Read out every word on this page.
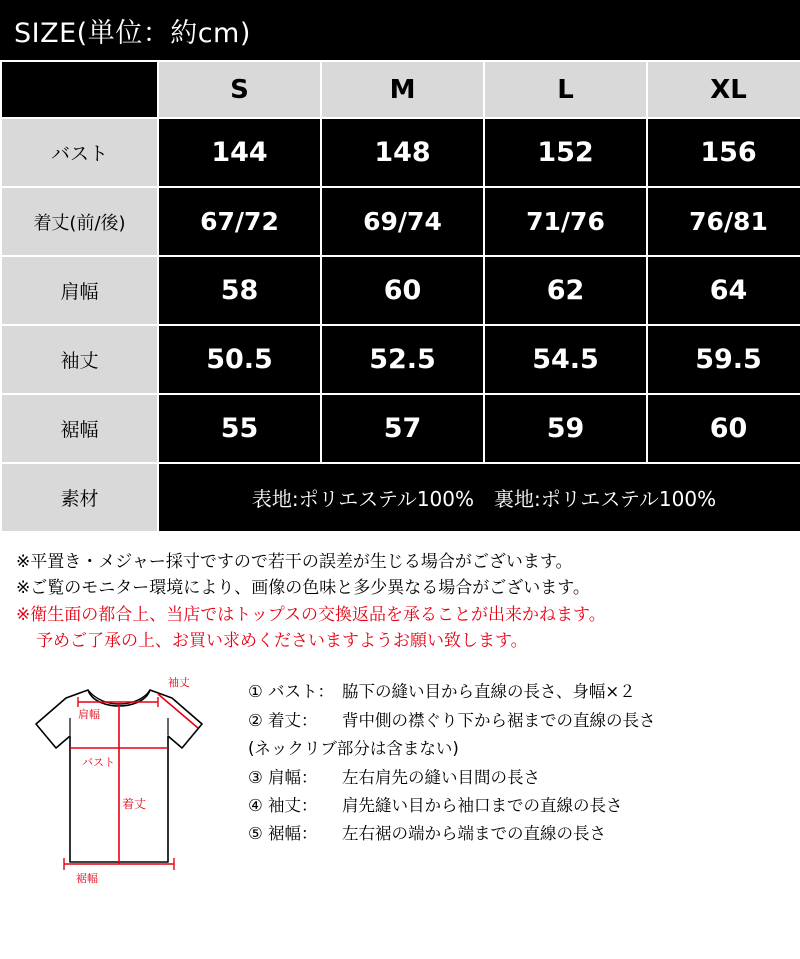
SIZE(単位：約cm)
	S	M	L	XL
バスト	144	148	152	156
着丈(前/後)	67/72	69/74	71/76	76/81
肩幅	58	60	62	64
袖丈	50.5	52.5	54.5	59.5
裾幅	55	57	59	60
素材	表地:ポリエステル100%　裏地:ポリエステル100%			
※平置き・メジャー採寸ですので若干の誤差が生じる場合がございます。
※ご覧のモニター環境により、画像の色味と多少異なる場合がございます。
※衛生面の都合上、当店ではトップスの交換返品を承ることが出来かねます。
予めご了承の上、お買い求めくださいますようお願い致します。
袖丈
肩幅
バスト
着丈
裾幅
① バスト： 脇下の縫い目から直線の長さ、身幅×２
② 着丈： 背中側の襟ぐり下から裾までの直線の長さ
(ネックリブ部分は含まない)
③ 肩幅： 左右肩先の縫い目間の長さ
④ 袖丈： 肩先縫い目から袖口までの直線の長さ
⑤ 裾幅： 左右裾の端から端までの直線の長さ
